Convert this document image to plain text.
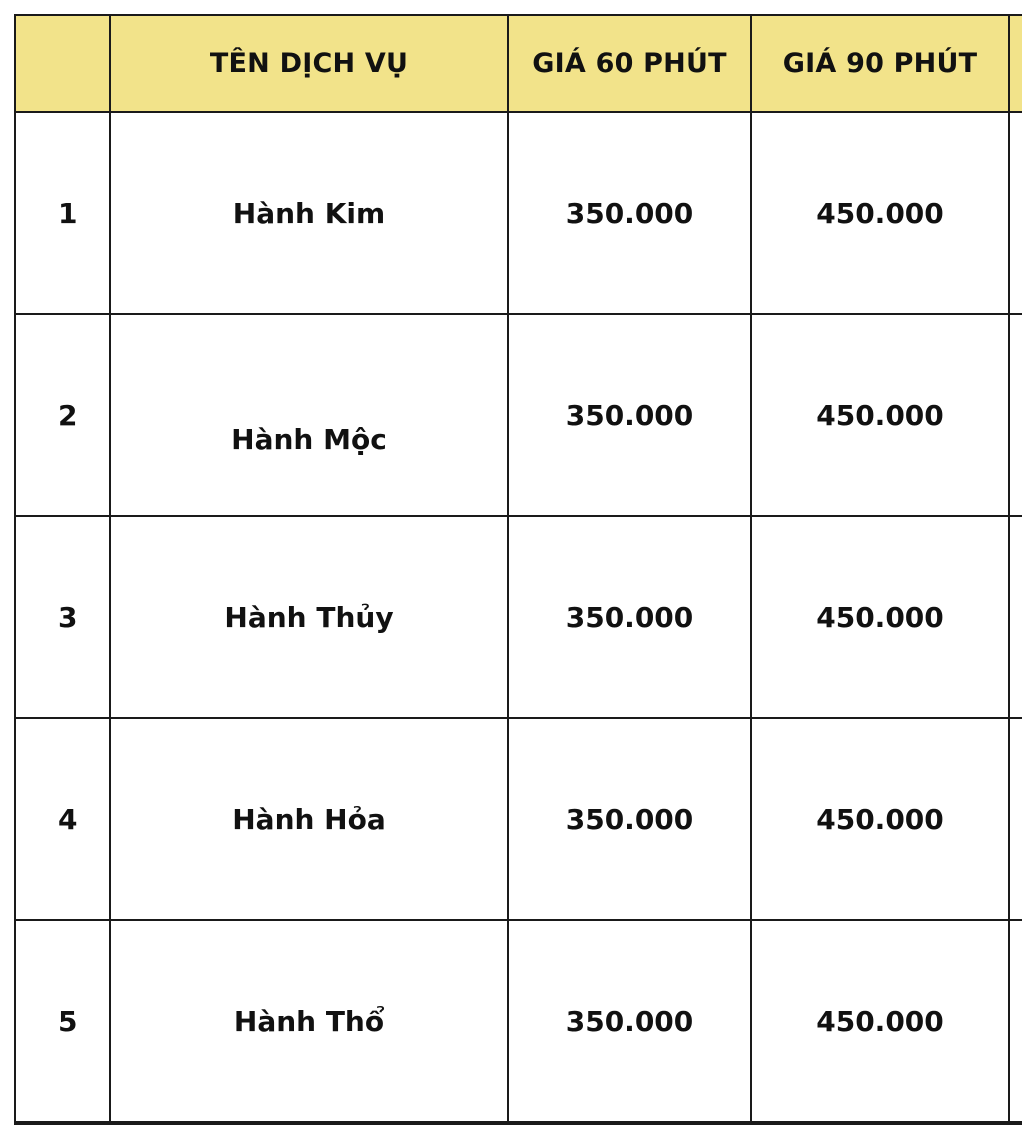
	TÊN DỊCH VỤ	GIÁ 60 PHÚT	GIÁ 90 PHÚT	
1	Hành Kim	350.000	450.000	
2	Hành Mộc	350.000	450.000	
3	Hành Thủy	350.000	450.000	
4	Hành Hỏa	350.000	450.000	
5	Hành Thổ	350.000	450.000	
